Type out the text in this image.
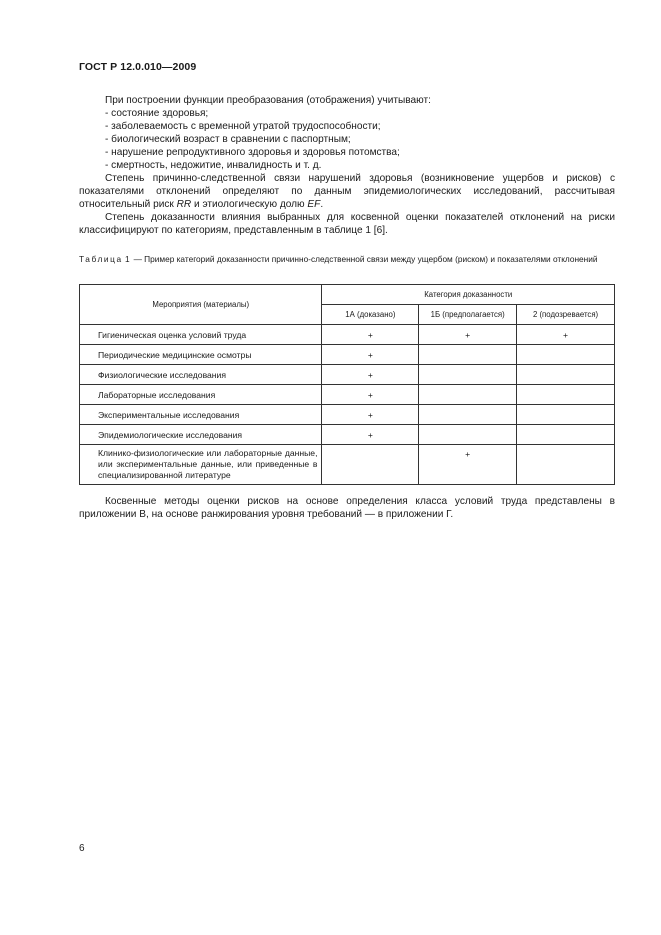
ГОСТ Р 12.0.010—2009

При построении функции преобразования (отображения) учитывают:

- состояние здоровья;

- заболеваемость с временной утратой трудоспособности;

- биологический возраст в сравнении с паспортным;

- нарушение репродуктивного здоровья и здоровья потомства;

- смертность, недожитие, инвалидность и т. д.

Степень причинно-следственной связи нарушений здоровья (возникновение ущербов и рисков) с показателями отклонений определяют по данным эпидемиологических исследований, рассчитывая относительный риск RR и этиологическую долю EF.

Степень доказанности влияния выбранных для косвенной оценки показателей отклонений на риски классифицируют по категориям, представленным в таблице 1 [6].

Таблица 1 — Пример категорий доказанности причинно-следственной связи между ущербом (риском) и показателями отклонений
Мероприятия (материалы)	Категория доказанности		
	1А (доказано)	1Б (предполагается)	2 (подозревается)
Гигиеническая оценка условий труда	+	+	+
Периодические медицинские осмотры	+		
Физиологические исследования	+		
Лабораторные исследования	+		
Экспериментальные исследования	+		
Эпидемиологические исследования	+		
Клинико-физиологические или лабораторные данные, или экспериментальные данные, или приведенные в специализированной литературе		+	

Косвенные методы оценки рисков на основе определения класса условий труда представлены в приложении В, на основе ранжирования уровня требований — в приложении Г.

6
